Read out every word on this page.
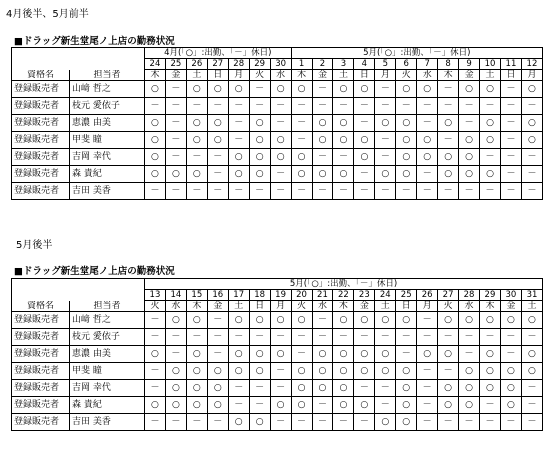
4月後半、5月前半
■ドラッグ新生堂尾ノ上店の勤務状況
		4月(「○」:出勤、「－」休日)							5月(「○」:出勤、「－」休日)											
		24	25	26	27	28	29	30	1	2	3	4	5	6	7	8	9	10	11	12
資格名	担当者	木	金	土	日	月	火	水	木	金	土	日	月	火	水	木	金	土	日	月
登録販売者	山﨑 哲之	○	－	○	○	○	－	○	○	－	○	○	－	○	○	－	○	○	－	○
登録販売者	枝元 愛依子	－	－	－	－	－	－	－	－	－	－	－	－	－	－	－	－	－	－	－
登録販売者	恵濃 由美	○	－	○	○	－	○	－	－	○	○	－	○	○	－	○	－	○	－	○
登録販売者	甲斐 瞳	○	－	○	○	－	○	○	－	○	○	○	－	○	○	－	○	○	－	○
登録販売者	吉岡 幸代	○	－	－	－	○	○	○	○	－	－	○	－	○	○	○	○	－	－	－
登録販売者	森 貴紀	○	○	○	－	○	○	－	○	○	○	－	○	○	－	○	○	○	－	－
登録販売者	吉田 美香	－	－	－	－	－	－	－	－	－	－	－	－	－	－	－	－	－	－	－
5月後半
■ドラッグ新生堂尾ノ上店の勤務状況
		5月(「○」:出勤、「－」休日)																		
		13	14	15	16	17	18	19	20	21	22	23	24	25	26	27	28	29	30	31
資格名	担当者	火	水	木	金	土	日	月	火	水	木	金	土	日	月	火	水	木	金	土
登録販売者	山﨑 哲之	－	○	○	－	○	○	○	○	－	○	○	○	○	－	○	○	○	○	○
登録販売者	枝元 愛依子	－	－	－	－	－	－	－	－	－	－	－	－	－	－	－	－	－	－	－
登録販売者	恵濃 由美	○	－	○	－	○	○	○	－	○	○	○	○	－	○	○	－	○	－	○
登録販売者	甲斐 瞳	－	○	○	○	○	○	－	○	○	○	○	○	○	－	－	○	○	○	○
登録販売者	吉岡 幸代	－	○	○	○	－	－	－	○	○	○	－	－	○	－	○	○	○	○	－
登録販売者	森 貴紀	○	○	○	○	－	－	○	○	－	○	○	－	○	－	○	○	－	○	－
登録販売者	吉田 美香	－	－	－	－	○	○	－	－	－	－	－	○	○	－	－	－	－	－	－
